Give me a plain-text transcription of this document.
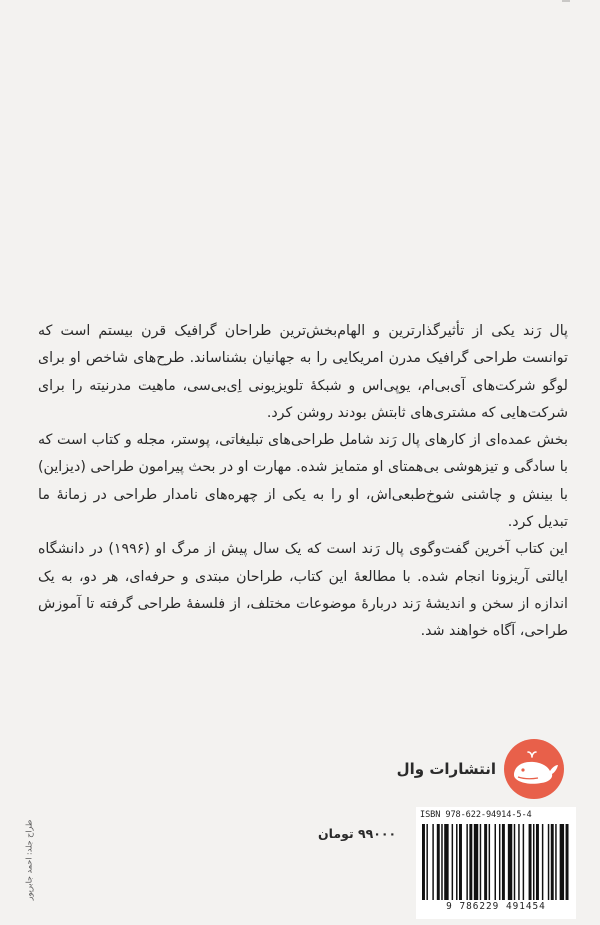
پال رَند یکی از تأثیرگذارترین و الهام‌بخش‌ترین طراحان گرافیک قرن بیستم است که توانست طراحی گرافیک مدرن امریکایی را به جهانیان بشناساند. طرح‌های شاخص او برای لوگو شرکت‌های آی‌بی‌ام، یوپی‌اس و شبکهٔ تلویزیونی اِی‌بی‌سی، ماهیت مدرنیته را برای شرکت‌هایی که مشتری‌های ثابتش بودند روشن کرد.

بخش عمده‌ای از کارهای پال رَند شامل طراحی‌های تبلیغاتی، پوستر، مجله و کتاب است که با سادگی و تیزهوشی بی‌همتای او متمایز شده. مهارت او در بحث پیرامون طراحی (دیزاین) با بینش و چاشنی شوخ‌طبعی‌اش، او را به یکی از چهره‌های نامدار طراحی در زمانهٔ ما تبدیل کرد.

این کتاب آخرین گفت‌وگوی پال رَند است که یک سال پیش از مرگ او (۱۹۹۶) در دانشگاه ایالتی آریزونا انجام شده. با مطالعهٔ این کتاب، طراحان مبتدی و حرفه‌ای، هر دو، به یک اندازه از سخن و اندیشهٔ رَند دربارهٔ موضوعات مختلف، از فلسفهٔ طراحی گرفته تا آموزش طراحی، آگاه خواهند شد.

انتشارات وال
ISBN 978-622-94914-5-4
9 786229 491454
۹۹۰۰۰ تومان
طراح جلد: احمد جابرپور
